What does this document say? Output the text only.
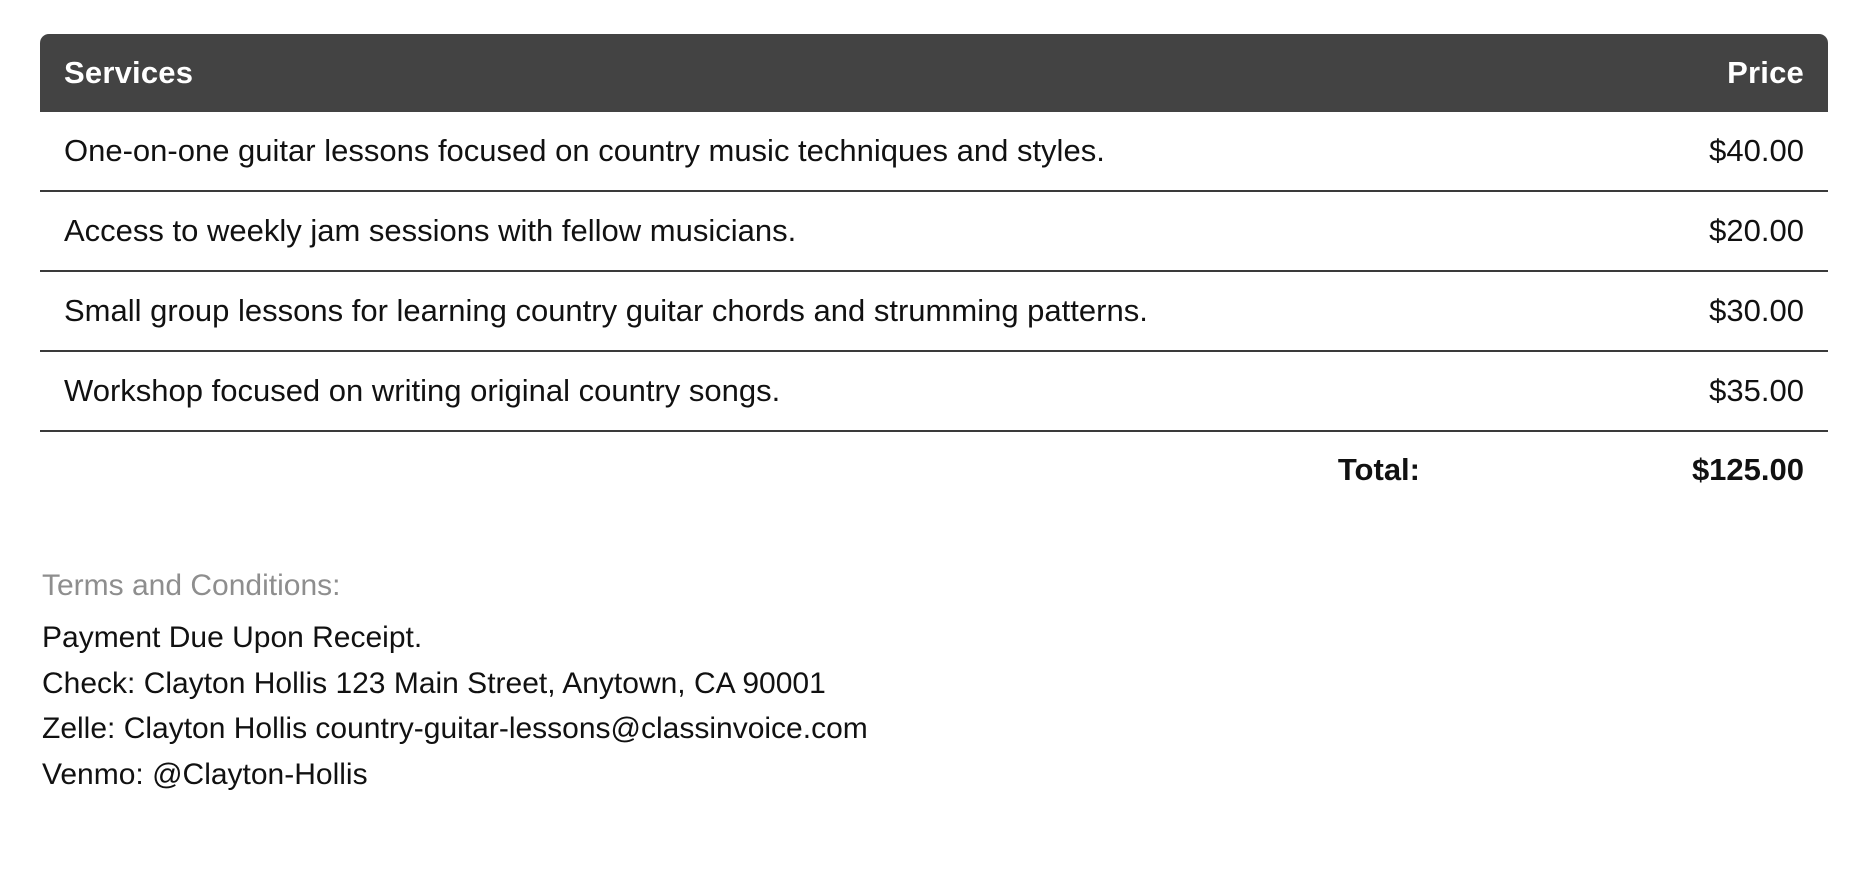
Services	Price
One-on-one guitar lessons focused on country music techniques and styles.	$40.00
Access to weekly jam sessions with fellow musicians.	$20.00
Small group lessons for learning country guitar chords and strumming patterns.	$30.00
Workshop focused on writing original country songs.	$35.00
Total:	$125.00
Terms and Conditions:
Payment Due Upon Receipt.
Check: Clayton Hollis 123 Main Street, Anytown, CA 90001
Zelle: Clayton Hollis country-guitar-lessons@classinvoice.com
Venmo: @Clayton-Hollis
